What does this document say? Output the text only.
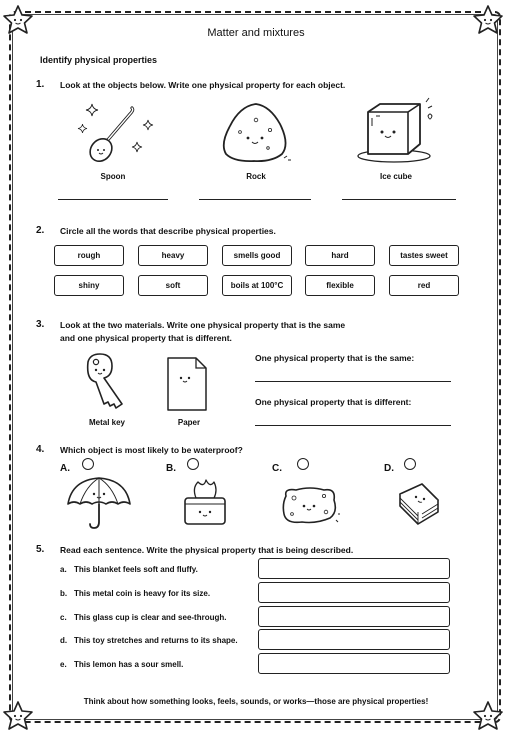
Matter and mixtures
Identify physical properties
1. Look at the objects below. Write one physical property for each object.
Spoon	Rock	Ice cube
2. Circle all the words that describe physical properties.
rough	heavy	smells good	hard	tastes sweet
shiny	soft	boils at 100°C	flexible	red
3. Look at the two materials. Write one physical property that is the same
and one physical property that is different.
Metal key	Paper
One physical property that is the same:
One physical property that is different:
4. Which object is most likely to be waterproof?
A.	B.	C.	D.
5. Read each sentence. Write the physical property that is being described.
a. This blanket feels soft and fluffy.
b. This metal coin is heavy for its size.
c. This glass cup is clear and see-through.
d. This toy stretches and returns to its shape.
e. This lemon has a sour smell.
Think about how something looks, feels, sounds, or works—those are physical properties!
